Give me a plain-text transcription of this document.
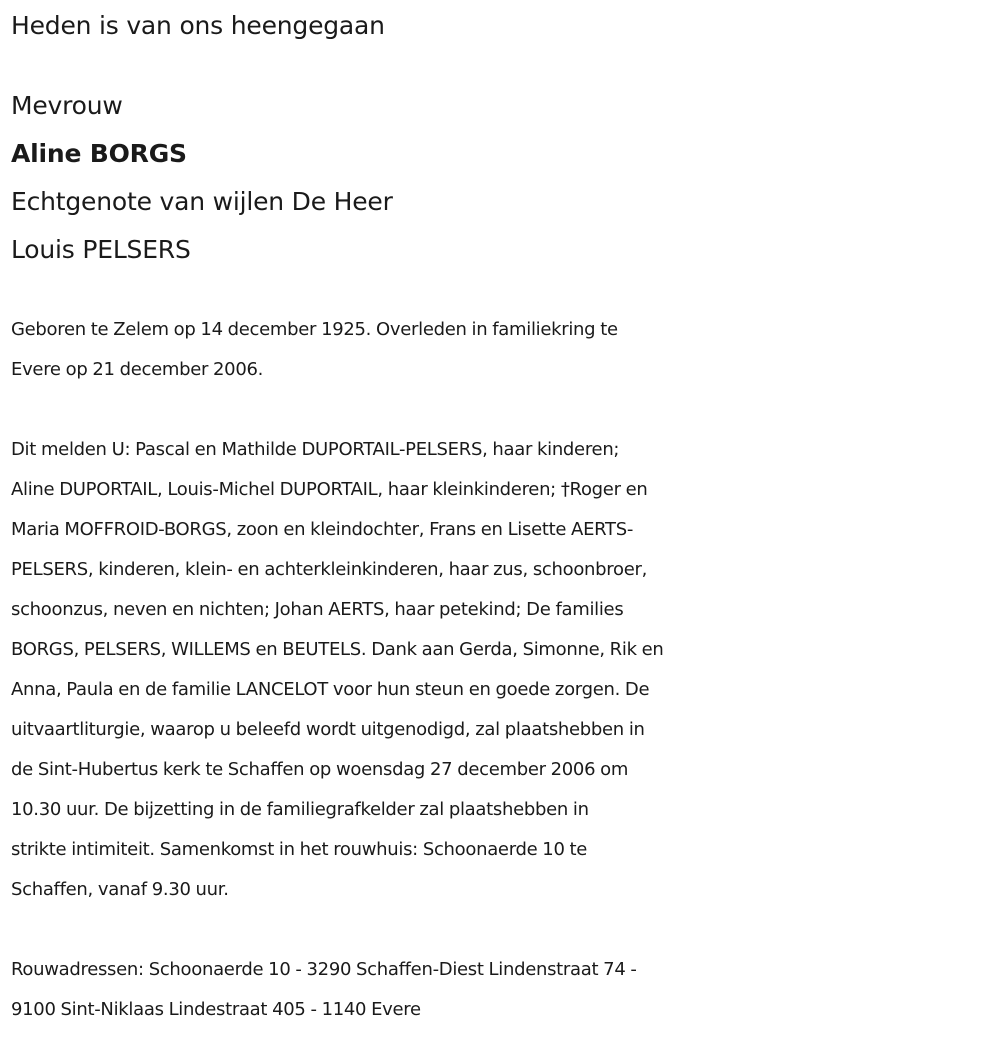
Heden is van ons heengegaan
Mevrouw
Aline BORGS
Echtgenote van wijlen De Heer
Louis PELSERS
Geboren te Zelem op 14 december 1925. Overleden in familiekring te
Evere op 21 december 2006.
Dit melden U: Pascal en Mathilde DUPORTAIL-PELSERS, haar kinderen;
Aline DUPORTAIL, Louis-Michel DUPORTAIL, haar kleinkinderen; †Roger en
Maria MOFFROID-BORGS, zoon en kleindochter, Frans en Lisette AERTS-
PELSERS, kinderen, klein- en achterkleinkinderen, haar zus, schoonbroer,
schoonzus, neven en nichten; Johan AERTS, haar petekind; De families
BORGS, PELSERS, WILLEMS en BEUTELS. Dank aan Gerda, Simonne, Rik en
Anna, Paula en de familie LANCELOT voor hun steun en goede zorgen. De
uitvaartliturgie, waarop u beleefd wordt uitgenodigd, zal plaatshebben in
de Sint-Hubertus kerk te Schaffen op woensdag 27 december 2006 om
10.30 uur. De bijzetting in de familiegrafkelder zal plaatshebben in
strikte intimiteit. Samenkomst in het rouwhuis: Schoonaerde 10 te
Schaffen, vanaf 9.30 uur.
Rouwadressen: Schoonaerde 10 - 3290 Schaffen-Diest Lindenstraat 74 -
9100 Sint-Niklaas Lindestraat 405 - 1140 Evere
